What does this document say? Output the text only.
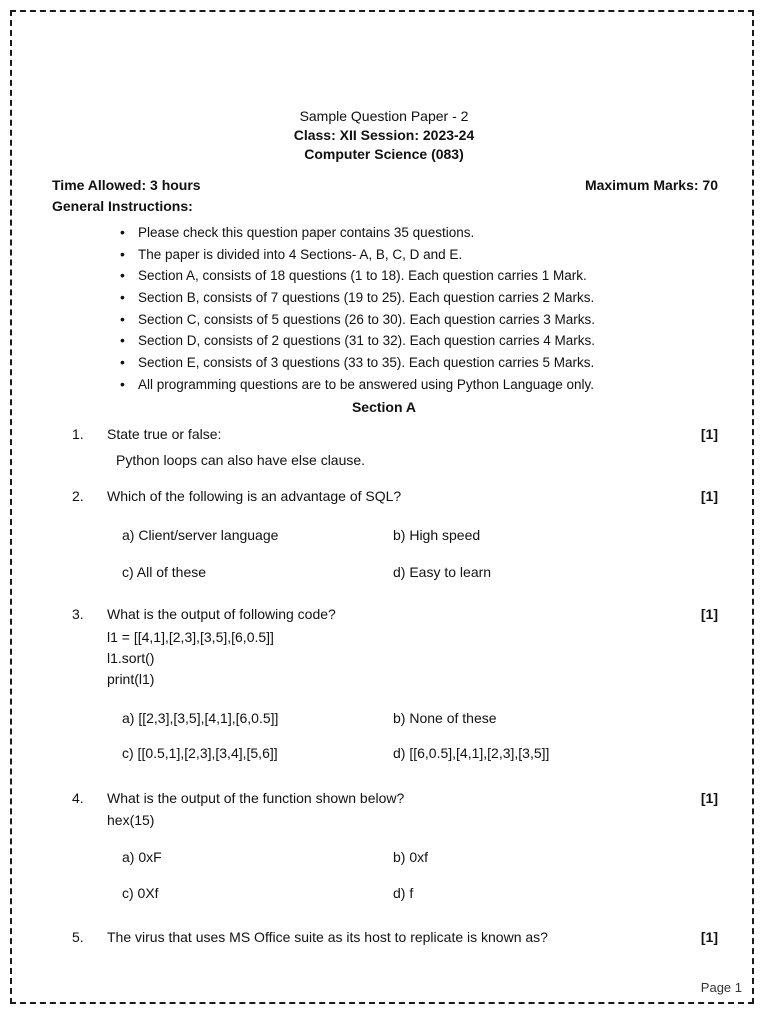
Sample Question Paper - 2
Class: XII Session: 2023-24
Computer Science (083)
Time Allowed: 3 hours	Maximum Marks: 70
General Instructions:
• Please check this question paper contains 35 questions.
• The paper is divided into 4 Sections- A, B, C, D and E.
• Section A, consists of 18 questions (1 to 18). Each question carries 1 Mark.
• Section B, consists of 7 questions (19 to 25). Each question carries 2 Marks.
• Section C, consists of 5 questions (26 to 30). Each question carries 3 Marks.
• Section D, consists of 2 questions (31 to 32). Each question carries 4 Marks.
• Section E, consists of 3 questions (33 to 35). Each question carries 5 Marks.
• All programming questions are to be answered using Python Language only.
Section A
1. State true or false:	[1]
Python loops can also have else clause.
2. Which of the following is an advantage of SQL?	[1]
a) Client/server language	b) High speed
c) All of these	d) Easy to learn
3. What is the output of following code?	[1]
l1 = [[4,1],[2,3],[3,5],[6,0.5]]
l1.sort()
print(l1)
a) [[2,3],[3,5],[4,1],[6,0.5]]	b) None of these
c) [[0.5,1],[2,3],[3,4],[5,6]]	d) [[6,0.5],[4,1],[2,3],[3,5]]
4. What is the output of the function shown below?	[1]
hex(15)
a) 0xF	b) 0xf
c) 0Xf	d) f
5. The virus that uses MS Office suite as its host to replicate is known as?	[1]
Page 1
